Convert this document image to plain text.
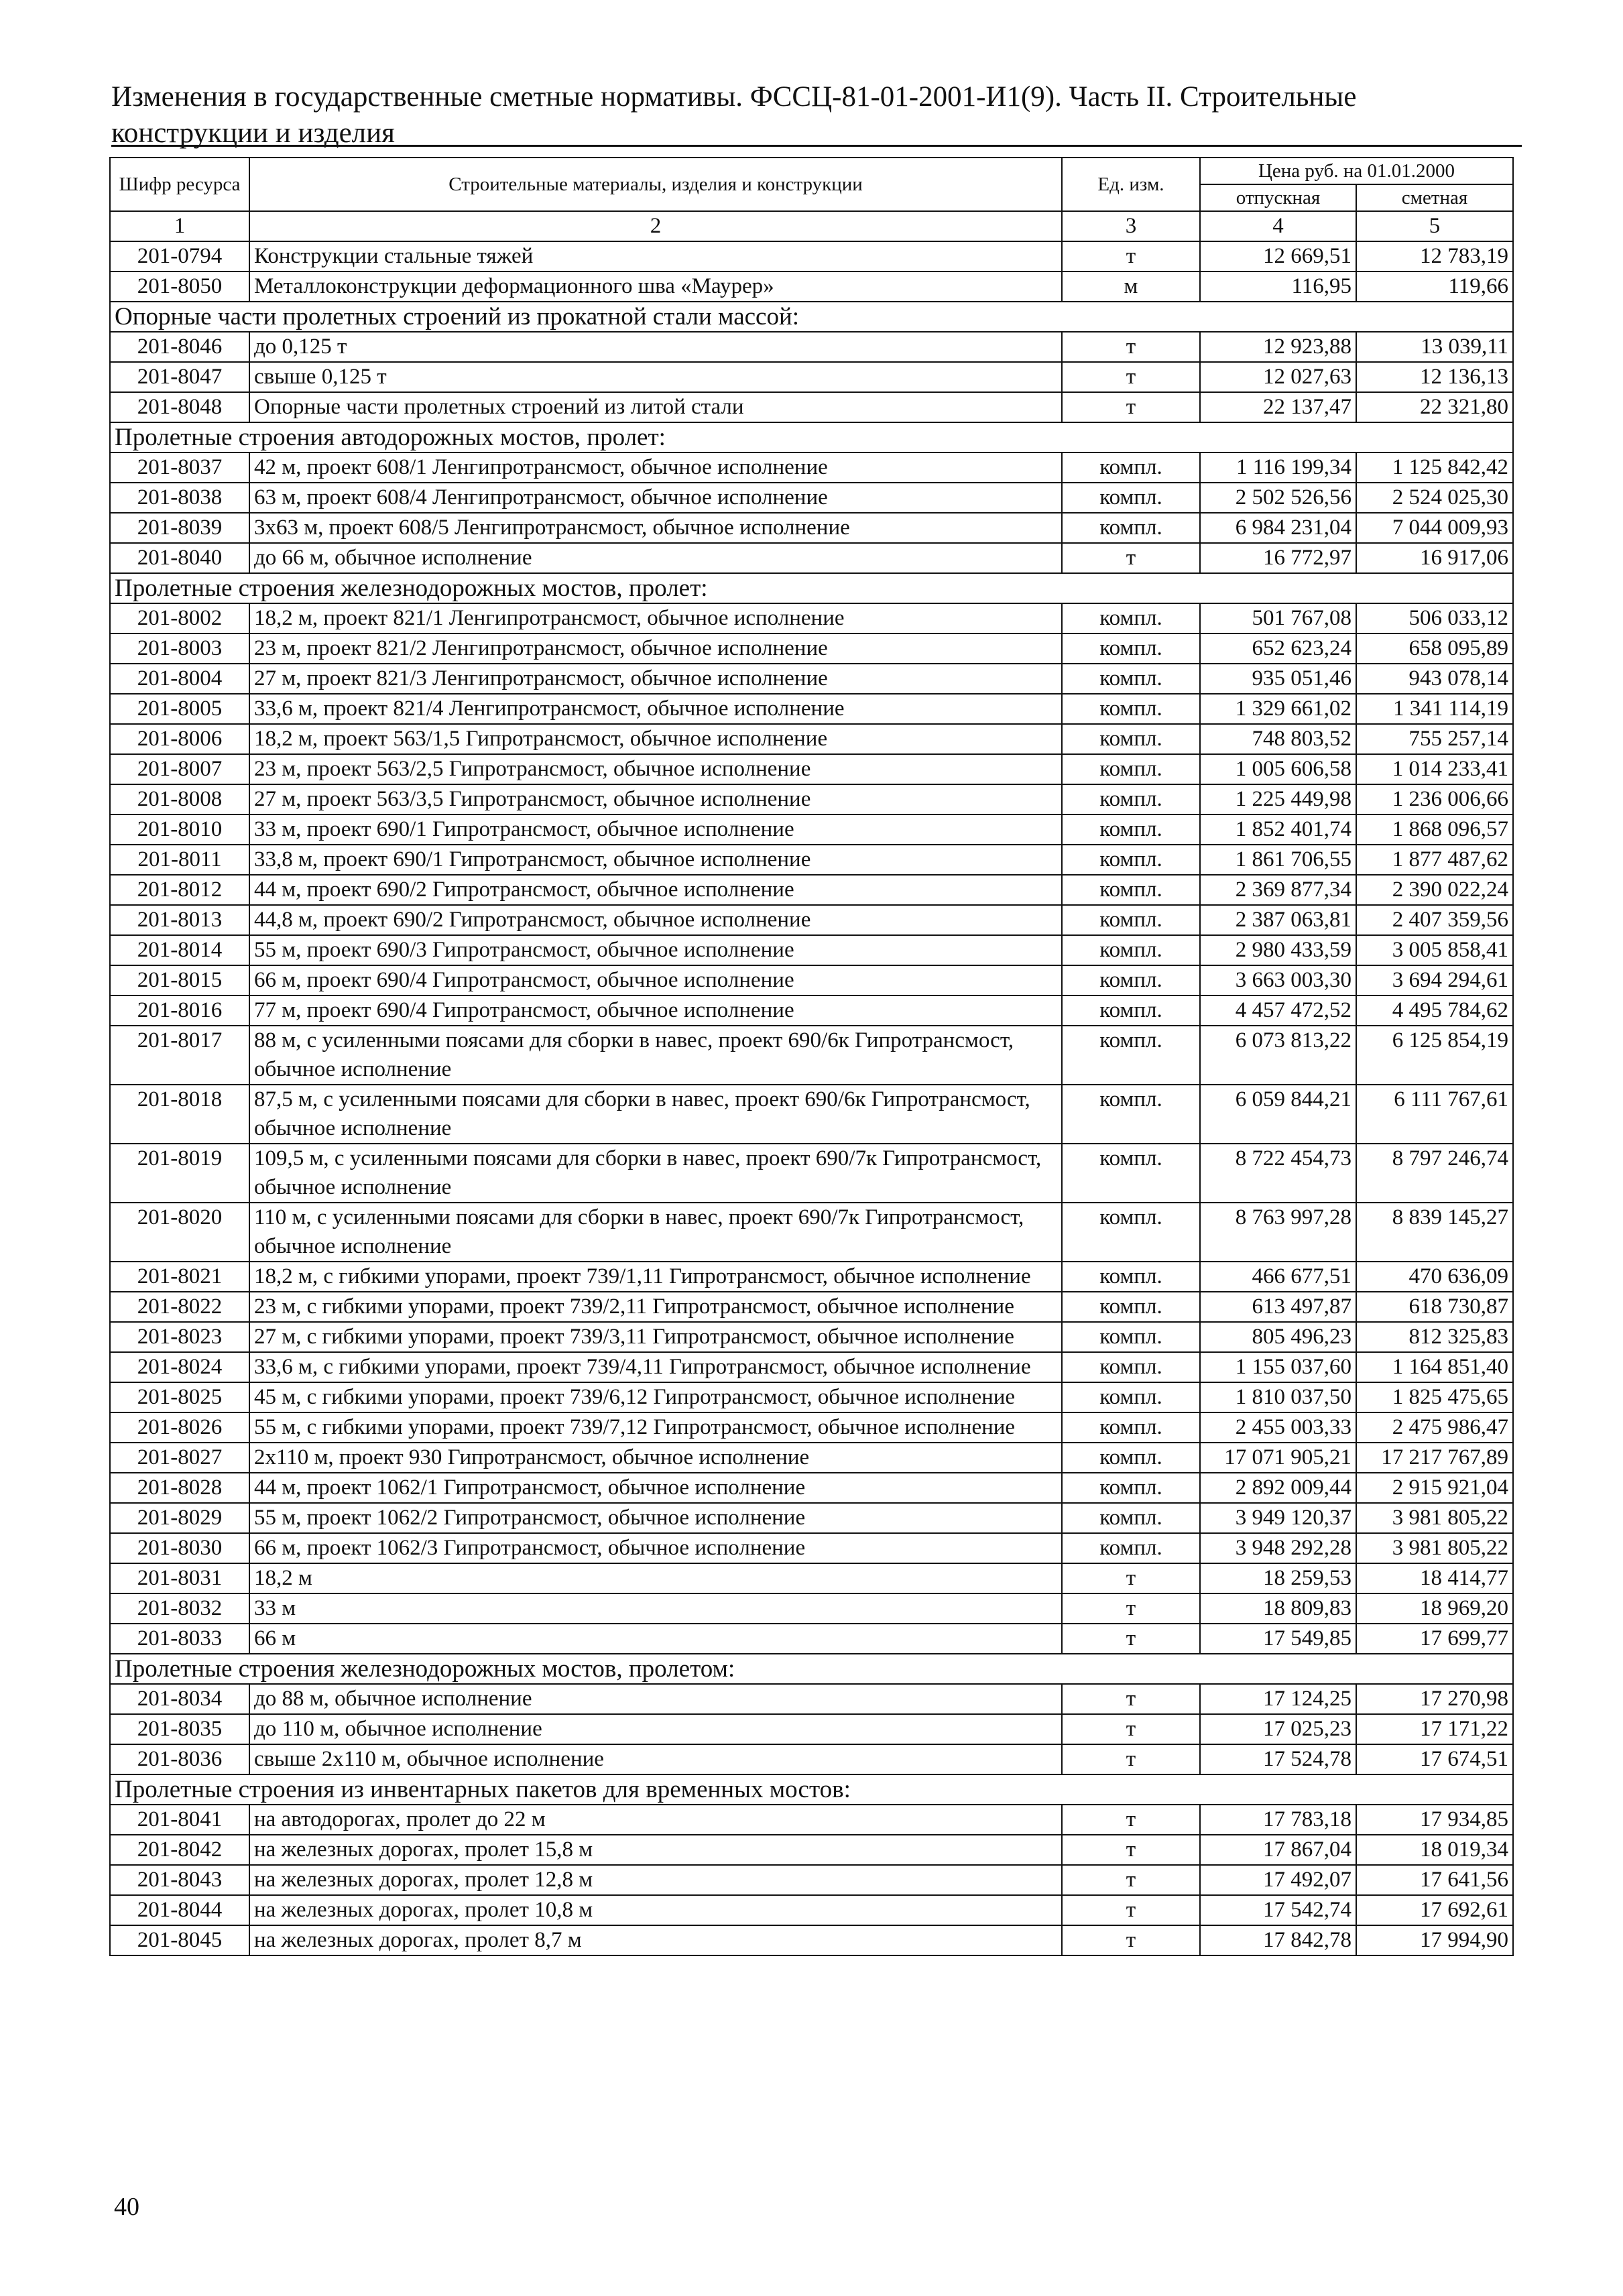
Изменения в государственные сметные нормативы. ФССЦ-81-01-2001-И1(9). Часть II. Строительные конструкции и изделия
Шифр ресурса	Строительные материалы, изделия и конструкции	Ед. изм.	Цена руб. на 01.01.2000	
			отпускная	сметная
1	2	3	4	5
201-0794	Конструкции стальные тяжей	т	12 669,51	12 783,19
201-8050	Металлоконструкции деформационного шва «Маурер»	м	116,95	119,66
Опорные части пролетных строений из прокатной стали массой:				
201-8046	до 0,125 т	т	12 923,88	13 039,11
201-8047	свыше 0,125 т	т	12 027,63	12 136,13
201-8048	Опорные части пролетных строений из литой стали	т	22 137,47	22 321,80
Пролетные строения автодорожных мостов, пролет:				
201-8037	42 м, проект 608/1 Ленгипротрансмост, обычное исполнение	компл.	1 116 199,34	1 125 842,42
201-8038	63 м, проект 608/4 Ленгипротрансмост, обычное исполнение	компл.	2 502 526,56	2 524 025,30
201-8039	3х63 м, проект 608/5 Ленгипротрансмост, обычное исполнение	компл.	6 984 231,04	7 044 009,93
201-8040	до 66 м, обычное исполнение	т	16 772,97	16 917,06
Пролетные строения железнодорожных мостов, пролет:				
201-8002	18,2 м, проект 821/1 Ленгипротрансмост, обычное исполнение	компл.	501 767,08	506 033,12
201-8003	23 м, проект 821/2 Ленгипротрансмост, обычное исполнение	компл.	652 623,24	658 095,89
201-8004	27 м, проект 821/3 Ленгипротрансмост, обычное исполнение	компл.	935 051,46	943 078,14
201-8005	33,6 м, проект 821/4 Ленгипротрансмост, обычное исполнение	компл.	1 329 661,02	1 341 114,19
201-8006	18,2 м, проект 563/1,5 Гипротрансмост, обычное исполнение	компл.	748 803,52	755 257,14
201-8007	23 м, проект 563/2,5 Гипротрансмост, обычное исполнение	компл.	1 005 606,58	1 014 233,41
201-8008	27 м, проект 563/3,5 Гипротрансмост, обычное исполнение	компл.	1 225 449,98	1 236 006,66
201-8010	33 м, проект 690/1 Гипротрансмост, обычное исполнение	компл.	1 852 401,74	1 868 096,57
201-8011	33,8 м, проект 690/1 Гипротрансмост, обычное исполнение	компл.	1 861 706,55	1 877 487,62
201-8012	44 м, проект 690/2 Гипротрансмост, обычное исполнение	компл.	2 369 877,34	2 390 022,24
201-8013	44,8 м, проект 690/2 Гипротрансмост, обычное исполнение	компл.	2 387 063,81	2 407 359,56
201-8014	55 м, проект 690/3 Гипротрансмост, обычное исполнение	компл.	2 980 433,59	3 005 858,41
201-8015	66 м, проект 690/4 Гипротрансмост, обычное исполнение	компл.	3 663 003,30	3 694 294,61
201-8016	77 м, проект 690/4 Гипротрансмост, обычное исполнение	компл.	4 457 472,52	4 495 784,62
201-8017	88 м, с усиленными поясами для сборки в навес, проект 690/6к Гипротрансмост, обычное исполнение	компл.	6 073 813,22	6 125 854,19
201-8018	87,5 м, с усиленными поясами для сборки в навес, проект 690/6к Гипротрансмост, обычное исполнение	компл.	6 059 844,21	6 111 767,61
201-8019	109,5 м, с усиленными поясами для сборки в навес, проект 690/7к Гипротрансмост, обычное исполнение	компл.	8 722 454,73	8 797 246,74
201-8020	110 м, с усиленными поясами для сборки в навес, проект 690/7к Гипротрансмост, обычное исполнение	компл.	8 763 997,28	8 839 145,27
201-8021	18,2 м, с гибкими упорами, проект 739/1,11 Гипротрансмост, обычное исполнение	компл.	466 677,51	470 636,09
201-8022	23 м, с гибкими упорами, проект 739/2,11 Гипротрансмост, обычное исполнение	компл.	613 497,87	618 730,87
201-8023	27 м, с гибкими упорами, проект 739/3,11 Гипротрансмост, обычное исполнение	компл.	805 496,23	812 325,83
201-8024	33,6 м, с гибкими упорами, проект 739/4,11 Гипротрансмост, обычное исполнение	компл.	1 155 037,60	1 164 851,40
201-8025	45 м, с гибкими упорами, проект 739/6,12 Гипротрансмост, обычное исполнение	компл.	1 810 037,50	1 825 475,65
201-8026	55 м, с гибкими упорами, проект 739/7,12 Гипротрансмост, обычное исполнение	компл.	2 455 003,33	2 475 986,47
201-8027	2х110 м, проект 930 Гипротрансмост, обычное исполнение	компл.	17 071 905,21	17 217 767,89
201-8028	44 м, проект 1062/1 Гипротрансмост, обычное исполнение	компл.	2 892 009,44	2 915 921,04
201-8029	55 м, проект 1062/2 Гипротрансмост, обычное исполнение	компл.	3 949 120,37	3 981 805,22
201-8030	66 м, проект 1062/3 Гипротрансмост, обычное исполнение	компл.	3 948 292,28	3 981 805,22
201-8031	18,2 м	т	18 259,53	18 414,77
201-8032	33 м	т	18 809,83	18 969,20
201-8033	66 м	т	17 549,85	17 699,77
Пролетные строения железнодорожных мостов, пролетом:				
201-8034	до 88 м, обычное исполнение	т	17 124,25	17 270,98
201-8035	до 110 м, обычное исполнение	т	17 025,23	17 171,22
201-8036	свыше 2х110 м, обычное исполнение	т	17 524,78	17 674,51
Пролетные строения из инвентарных пакетов для временных мостов:				
201-8041	на автодорогах, пролет до 22 м	т	17 783,18	17 934,85
201-8042	на железных дорогах, пролет 15,8 м	т	17 867,04	18 019,34
201-8043	на железных дорогах, пролет 12,8 м	т	17 492,07	17 641,56
201-8044	на железных дорогах, пролет 10,8 м	т	17 542,74	17 692,61
201-8045	на железных дорогах, пролет 8,7 м	т	17 842,78	17 994,90
40
